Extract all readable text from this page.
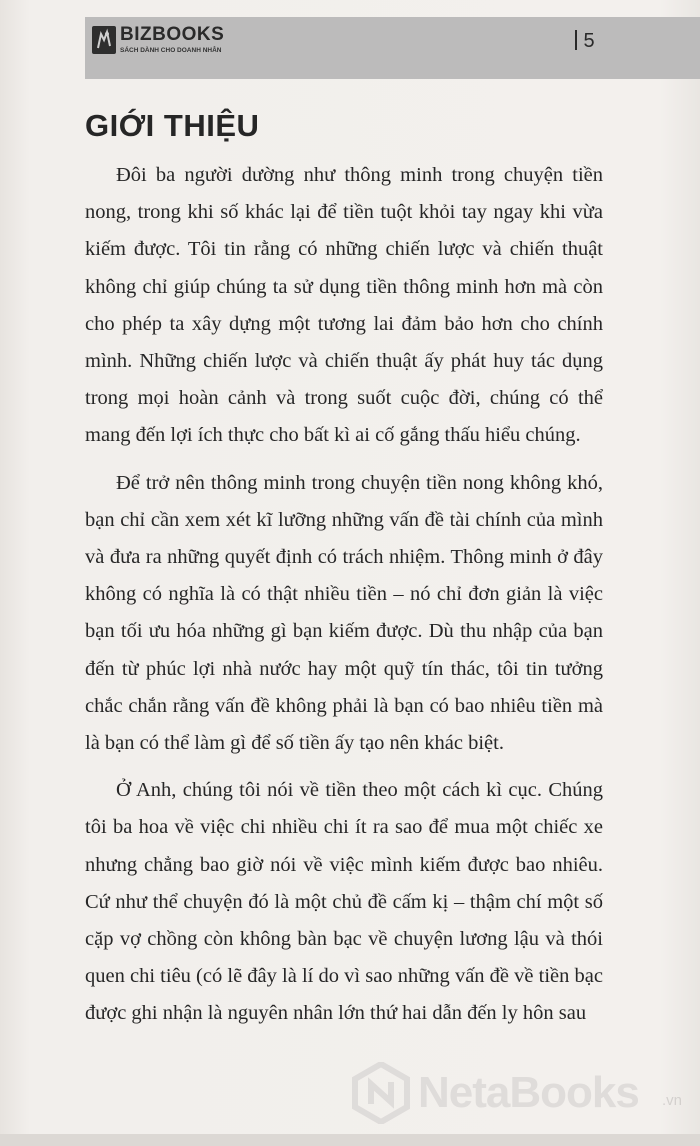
BIZBOOKS
SÁCH DÀNH CHO DOANH NHÂN	5
GIỚI THIỆU

Đôi ba người dường như thông minh trong chuyện tiền nong, trong khi số khác lại để tiền tuột khỏi tay ngay khi vừa kiếm được. Tôi tin rằng có những chiến lược và chiến thuật không chỉ giúp chúng ta sử dụng tiền thông minh hơn mà còn cho phép ta xây dựng một tương lai đảm bảo hơn cho chính mình. Những chiến lược và chiến thuật ấy phát huy tác dụng trong mọi hoàn cảnh và trong suốt cuộc đời, chúng có thể mang đến lợi ích thực cho bất kì ai cố gắng thấu hiểu chúng.

Để trở nên thông minh trong chuyện tiền nong không khó, bạn chỉ cần xem xét kĩ lưỡng những vấn đề tài chính của mình và đưa ra những quyết định có trách nhiệm. Thông minh ở đây không có nghĩa là có thật nhiều tiền – nó chỉ đơn giản là việc bạn tối ưu hóa những gì bạn kiếm được. Dù thu nhập của bạn đến từ phúc lợi nhà nước hay một quỹ tín thác, tôi tin tưởng chắc chắn rằng vấn đề không phải là bạn có bao nhiêu tiền mà là bạn có thể làm gì để số tiền ấy tạo nên khác biệt.

Ở Anh, chúng tôi nói về tiền theo một cách kì cục. Chúng tôi ba hoa về việc chi nhiều chi ít ra sao để mua một chiếc xe nhưng chẳng bao giờ nói về việc mình kiếm được bao nhiêu. Cứ như thể chuyện đó là một chủ đề cấm kị – thậm chí một số cặp vợ chồng còn không bàn bạc về chuyện lương lậu và thói quen chi tiêu (có lẽ đây là lí do vì sao những vấn đề về tiền bạc được ghi nhận là nguyên nhân lớn thứ hai dẫn đến ly hôn sau

NetaBooks .vn
